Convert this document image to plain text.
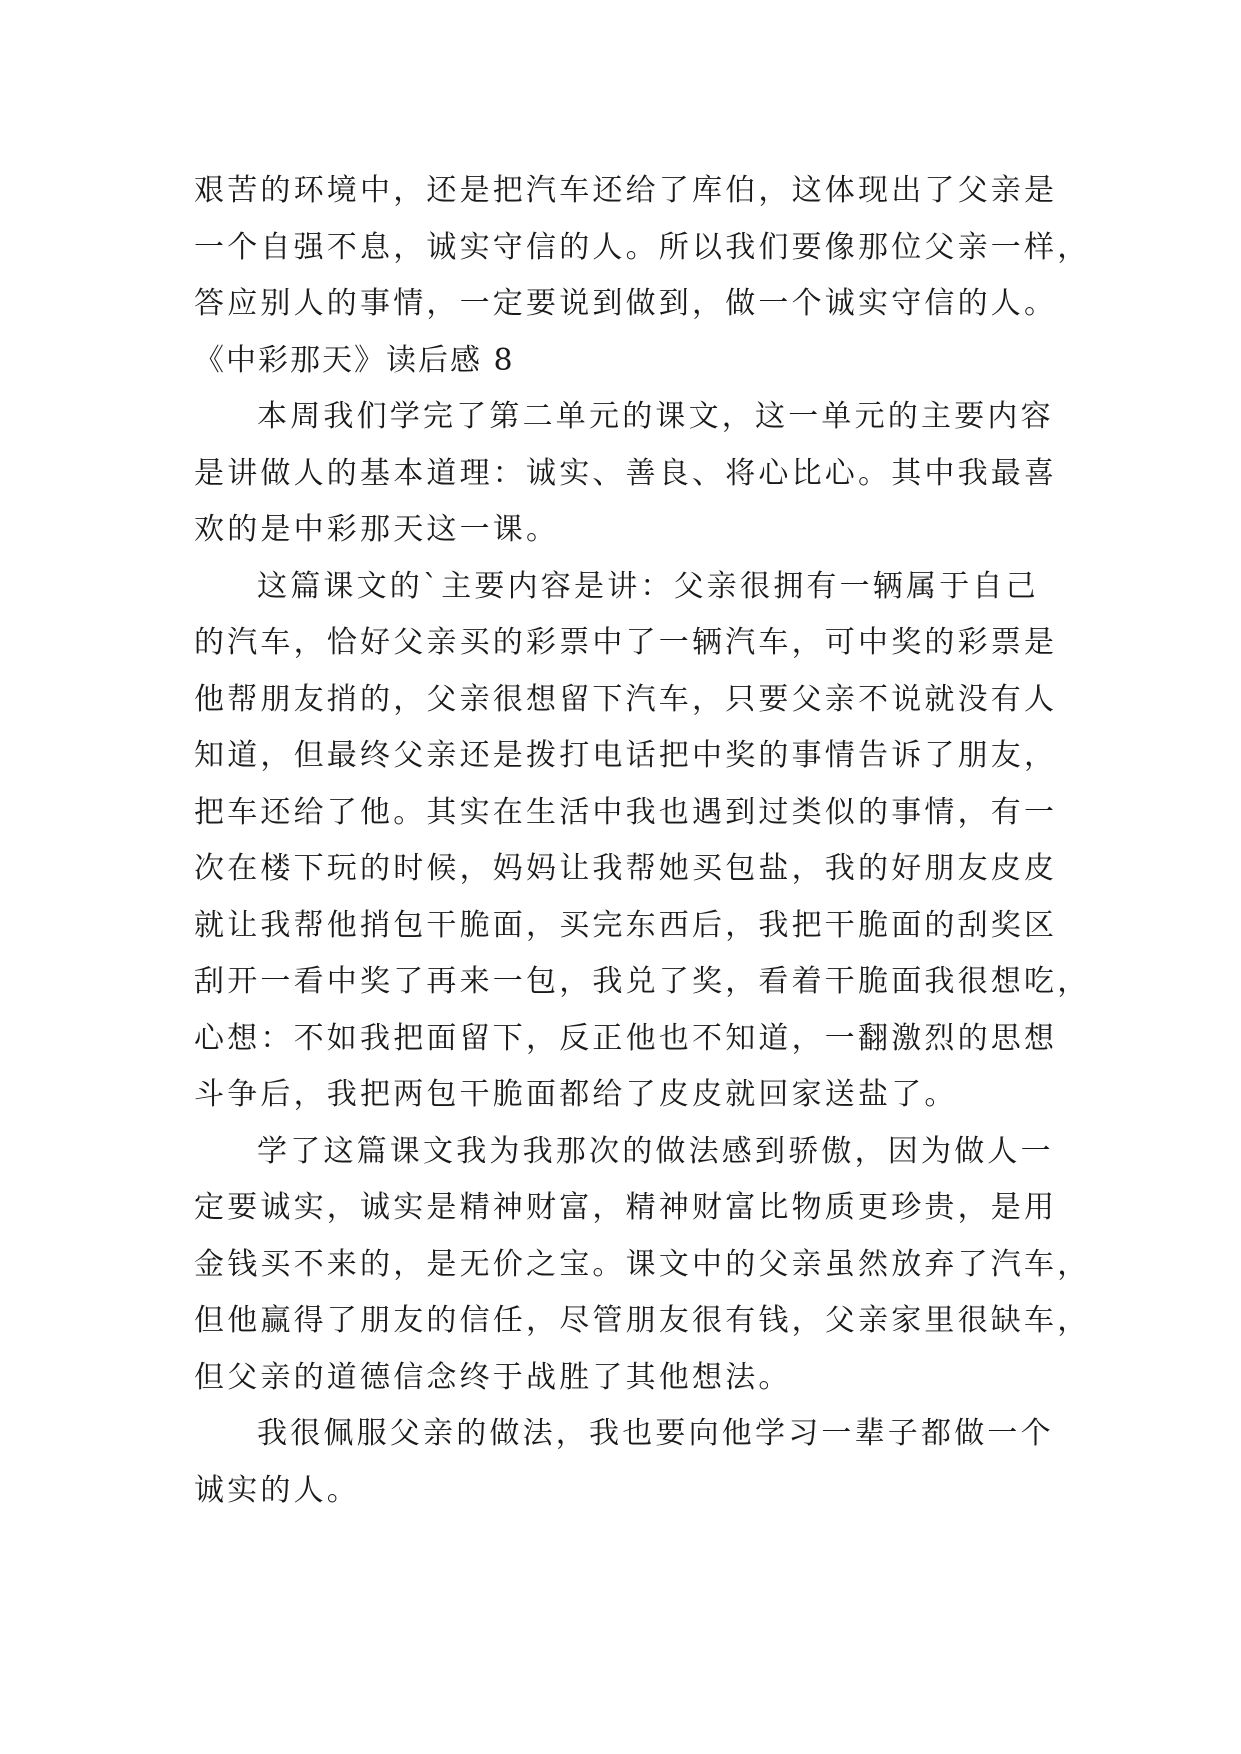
艰苦的环境中，还是把汽车还给了库伯，这体现出了父亲是
一个自强不息，诚实守信的人。所以我们要像那位父亲一样，
答应别人的事情，一定要说到做到，做一个诚实守信的人。
《中彩那天》读后感 8
本周我们学完了第二单元的课文，这一单元的主要内容
是讲做人的基本道理：诚实、善良、将心比心。其中我最喜
欢的是中彩那天这一课。
这篇课文的`主要内容是讲：父亲很拥有一辆属于自己
的汽车，恰好父亲买的彩票中了一辆汽车，可中奖的彩票是
他帮朋友捎的，父亲很想留下汽车，只要父亲不说就没有人
知道，但最终父亲还是拨打电话把中奖的事情告诉了朋友，
把车还给了他。其实在生活中我也遇到过类似的事情，有一
次在楼下玩的时候，妈妈让我帮她买包盐，我的好朋友皮皮
就让我帮他捎包干脆面，买完东西后，我把干脆面的刮奖区
刮开一看中奖了再来一包，我兑了奖，看着干脆面我很想吃，
心想：不如我把面留下，反正他也不知道，一翻激烈的思想
斗争后，我把两包干脆面都给了皮皮就回家送盐了。
学了这篇课文我为我那次的做法感到骄傲，因为做人一
定要诚实，诚实是精神财富，精神财富比物质更珍贵，是用
金钱买不来的，是无价之宝。课文中的父亲虽然放弃了汽车，
但他赢得了朋友的信任，尽管朋友很有钱，父亲家里很缺车，
但父亲的道德信念终于战胜了其他想法。
我很佩服父亲的做法，我也要向他学习一辈子都做一个
诚实的人。
